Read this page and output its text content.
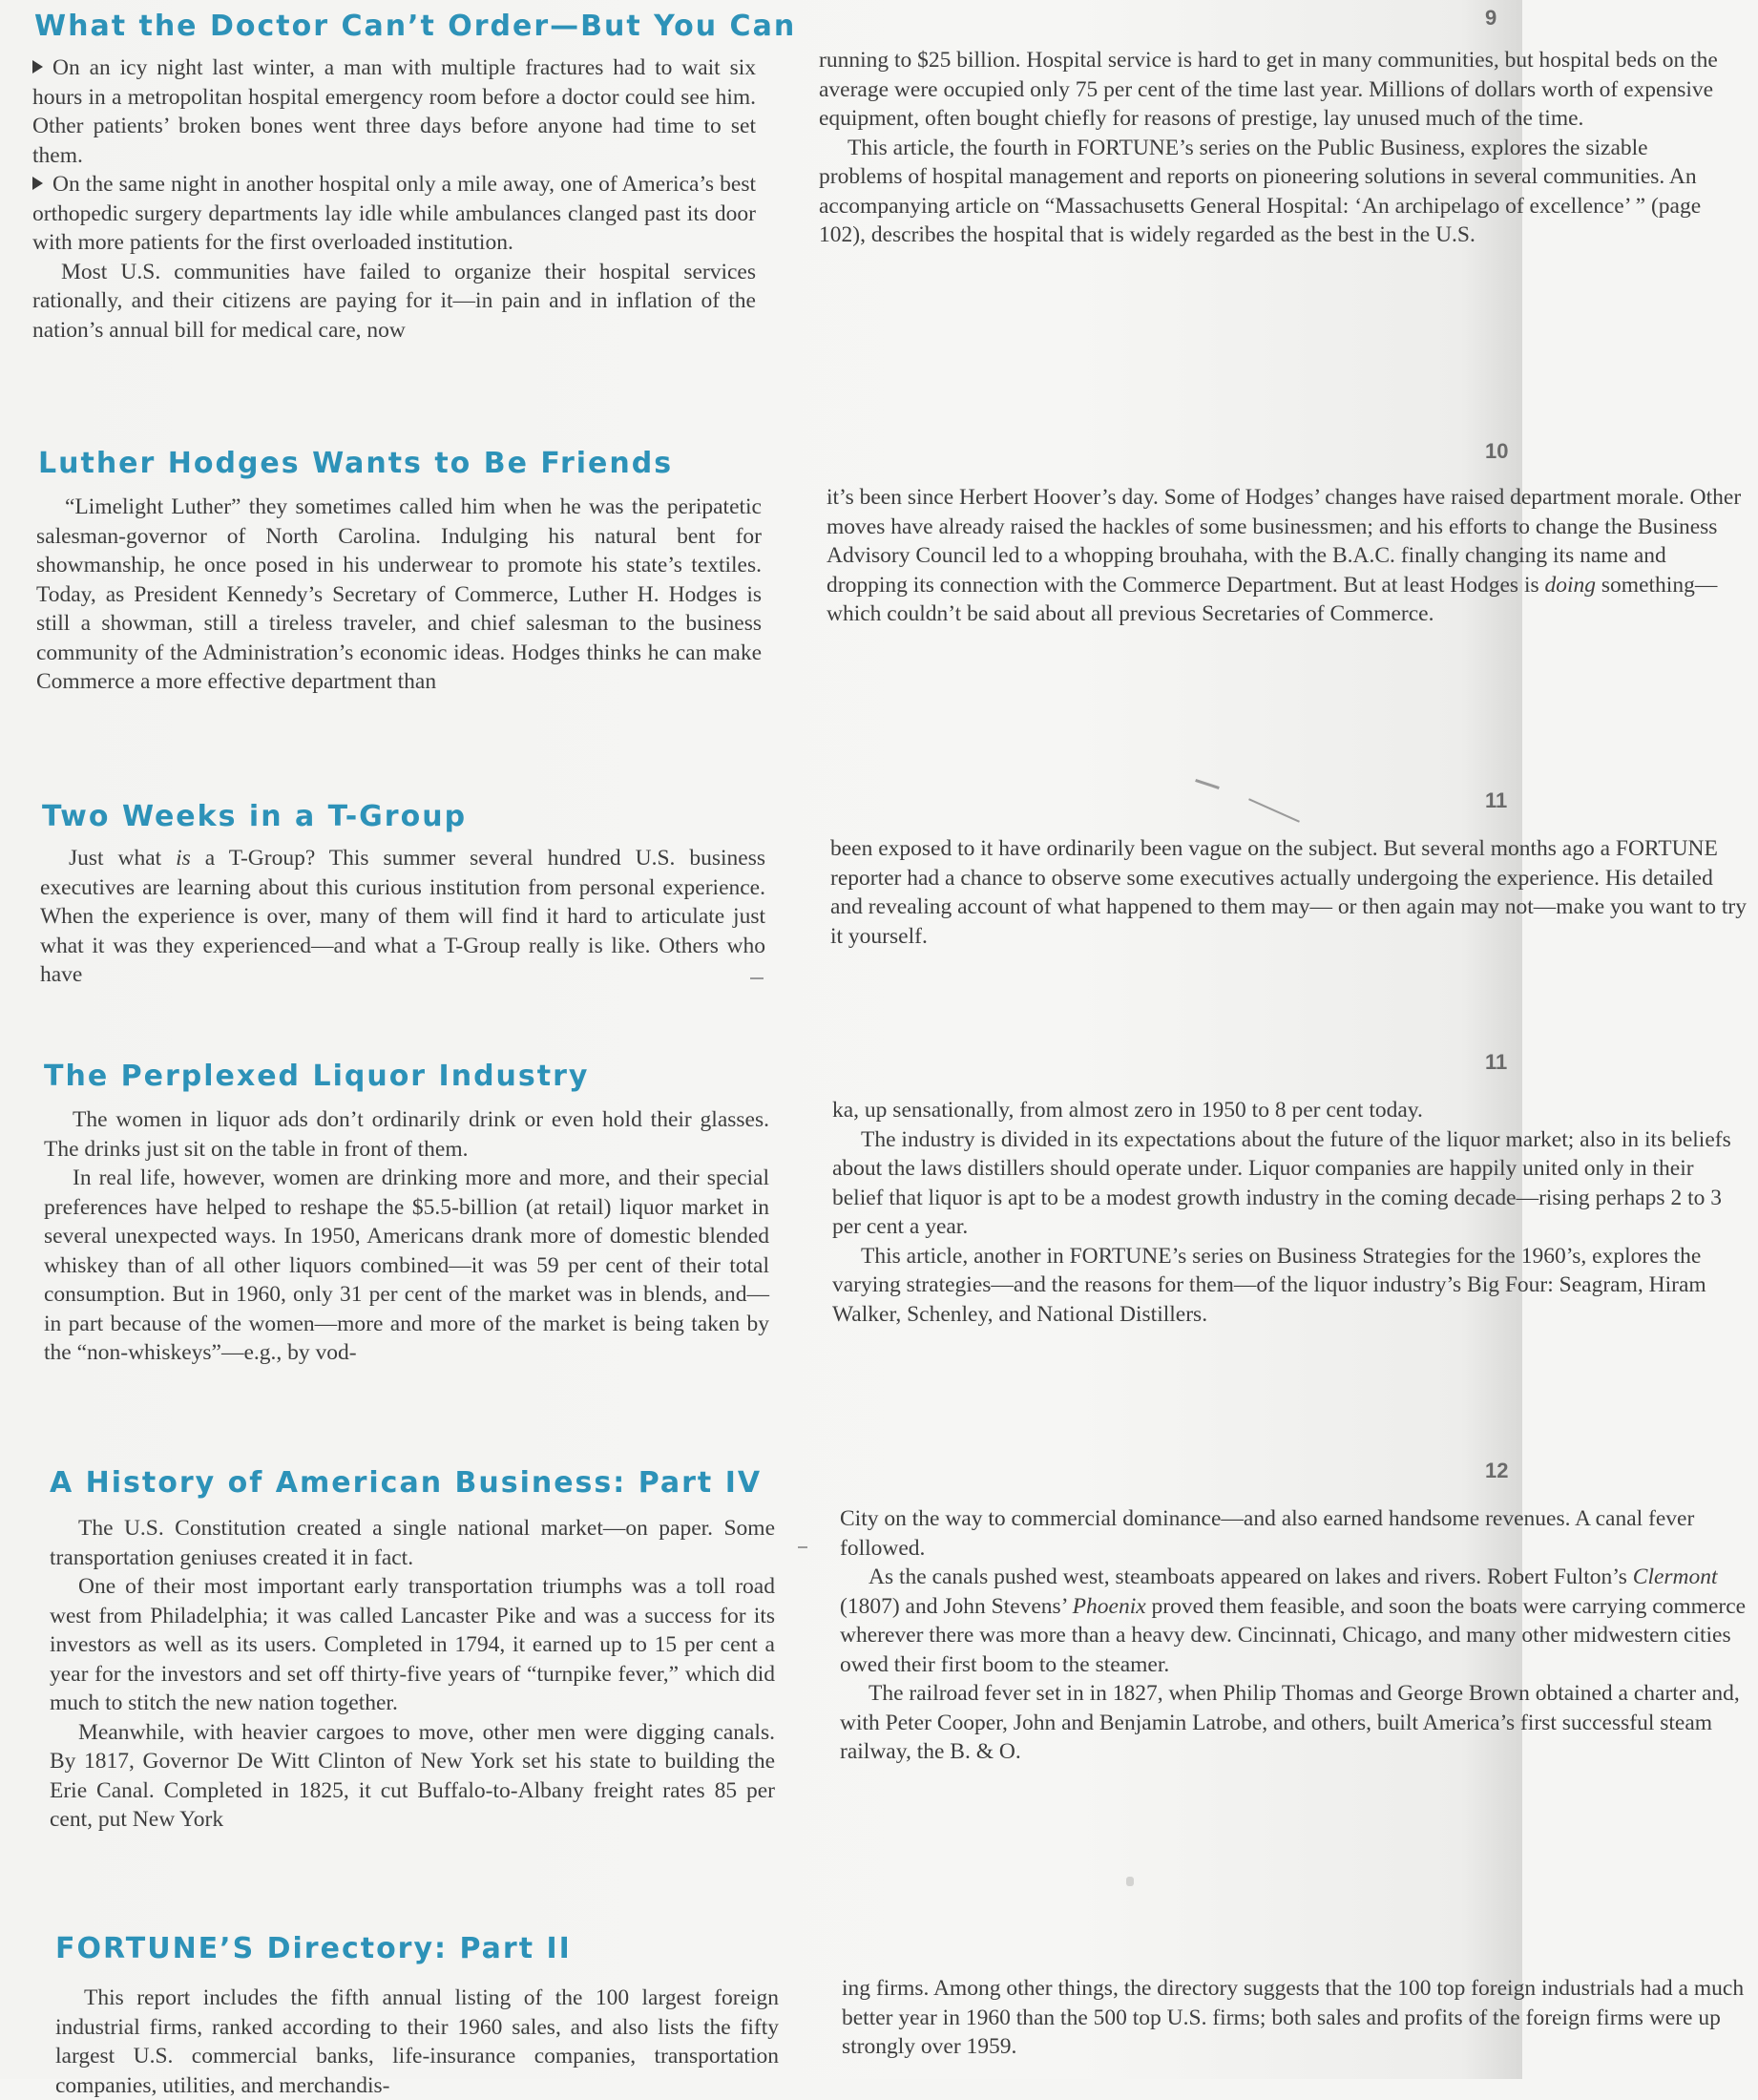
What the Doctor Can’t Order—But You Can	9

On an icy night last winter, a man with multiple fractures had to wait six hours in a metropolitan hospital emergency room before a doctor could see him. Other patients’ broken bones went three days before anyone had time to set them.

On the same night in another hospital only a mile away, one of America’s best orthopedic surgery departments lay idle while ambulances clanged past its door with more patients for the first overloaded institution.

Most U.S. communities have failed to organize their hospital services rationally, and their citizens are paying for it—in pain and in inflation of the nation’s annual bill for medical care, now

running to $25 billion. Hospital service is hard to get in many communities, but hospital beds on the average were occupied only 75 per cent of the time last year. Millions of dollars worth of expensive equipment, often bought chiefly for reasons of prestige, lay unused much of the time.

This article, the fourth in FORTUNE’s series on the Public Business, explores the sizable problems of hospital management and reports on pioneering solutions in several communities. An accompanying article on “Massachusetts General Hospital: ‘An archipelago of excellence’ ” (page 102), describes the hospital that is widely regarded as the best in the U.S.

Luther Hodges Wants to Be Friends	10

“Limelight Luther” they sometimes called him when he was the peripatetic salesman-governor of North Carolina. Indulging his natural bent for showmanship, he once posed in his underwear to promote his state’s textiles. Today, as President Kennedy’s Secretary of Commerce, Luther H. Hodges is still a showman, still a tireless traveler, and chief salesman to the business community of the Administration’s economic ideas. Hodges thinks he can make Commerce a more effective department than

it’s been since Herbert Hoover’s day. Some of Hodges’ changes have raised department morale. Other moves have already raised the hackles of some businessmen; and his efforts to change the Business Advisory Council led to a whopping brouhaha, with the B.A.C. finally changing its name and dropping its connection with the Commerce Department. But at least Hodges is doing something—which couldn’t be said about all previous Secretaries of Commerce.

Two Weeks in a T-Group	11

Just what is a T-Group? This summer several hundred U.S. business executives are learning about this curious institution from personal experience. When the experience is over, many of them will find it hard to articulate just what it was they experienced—and what a T-Group really is like. Others who have

been exposed to it have ordinarily been vague on the subject. But several months ago a FORTUNE reporter had a chance to observe some executives actually undergoing the experience. His detailed and revealing account of what happened to them may— or then again may not—make you want to try it yourself.

The Perplexed Liquor Industry	11

The women in liquor ads don’t ordinarily drink or even hold their glasses. The drinks just sit on the table in front of them.

In real life, however, women are drinking more and more, and their special preferences have helped to reshape the $5.5-billion (at retail) liquor market in several unexpected ways. In 1950, Americans drank more of domestic blended whiskey than of all other liquors combined—it was 59 per cent of their total consumption. But in 1960, only 31 per cent of the market was in blends, and—in part because of the women—more and more of the market is being taken by the “non-whiskeys”—e.g., by vod-

ka, up sensationally, from almost zero in 1950 to 8 per cent today.

The industry is divided in its expectations about the future of the liquor market; also in its beliefs about the laws distillers should operate under. Liquor companies are happily united only in their belief that liquor is apt to be a modest growth industry in the coming decade—rising perhaps 2 to 3 per cent a year.

This article, another in FORTUNE’s series on Business Strategies for the 1960’s, explores the varying strategies—and the reasons for them—of the liquor industry’s Big Four: Seagram, Hiram Walker, Schenley, and National Distillers.

A History of American Business: Part IV	12

The U.S. Constitution created a single national market—on paper. Some transportation geniuses created it in fact.

One of their most important early transportation triumphs was a toll road west from Philadelphia; it was called Lancaster Pike and was a success for its investors as well as its users. Completed in 1794, it earned up to 15 per cent a year for the investors and set off thirty-five years of “turnpike fever,” which did much to stitch the new nation together.

Meanwhile, with heavier cargoes to move, other men were digging canals. By 1817, Governor De Witt Clinton of New York set his state to building the Erie Canal. Completed in 1825, it cut Buffalo-to-Albany freight rates 85 per cent, put New York

City on the way to commercial dominance—and also earned handsome revenues. A canal fever followed.

As the canals pushed west, steamboats appeared on lakes and rivers. Robert Fulton’s Clermont (1807) and John Stevens’ Phoenix proved them feasible, and soon the boats were carrying commerce wherever there was more than a heavy dew. Cincinnati, Chicago, and many other midwestern cities owed their first boom to the steamer.

The railroad fever set in in 1827, when Philip Thomas and George Brown obtained a charter and, with Peter Cooper, John and Benjamin Latrobe, and others, built America’s first successful steam railway, the B. & O.

FORTUNE’S Directory: Part II

This report includes the fifth annual listing of the 100 largest foreign industrial firms, ranked according to their 1960 sales, and also lists the fifty largest U.S. commercial banks, life-insurance companies, transportation companies, utilities, and merchandis-

ing firms. Among other things, the directory suggests that the 100 top foreign industrials had a much better year in 1960 than the 500 top U.S. firms; both sales and profits of the foreign firms were up strongly over 1959.
